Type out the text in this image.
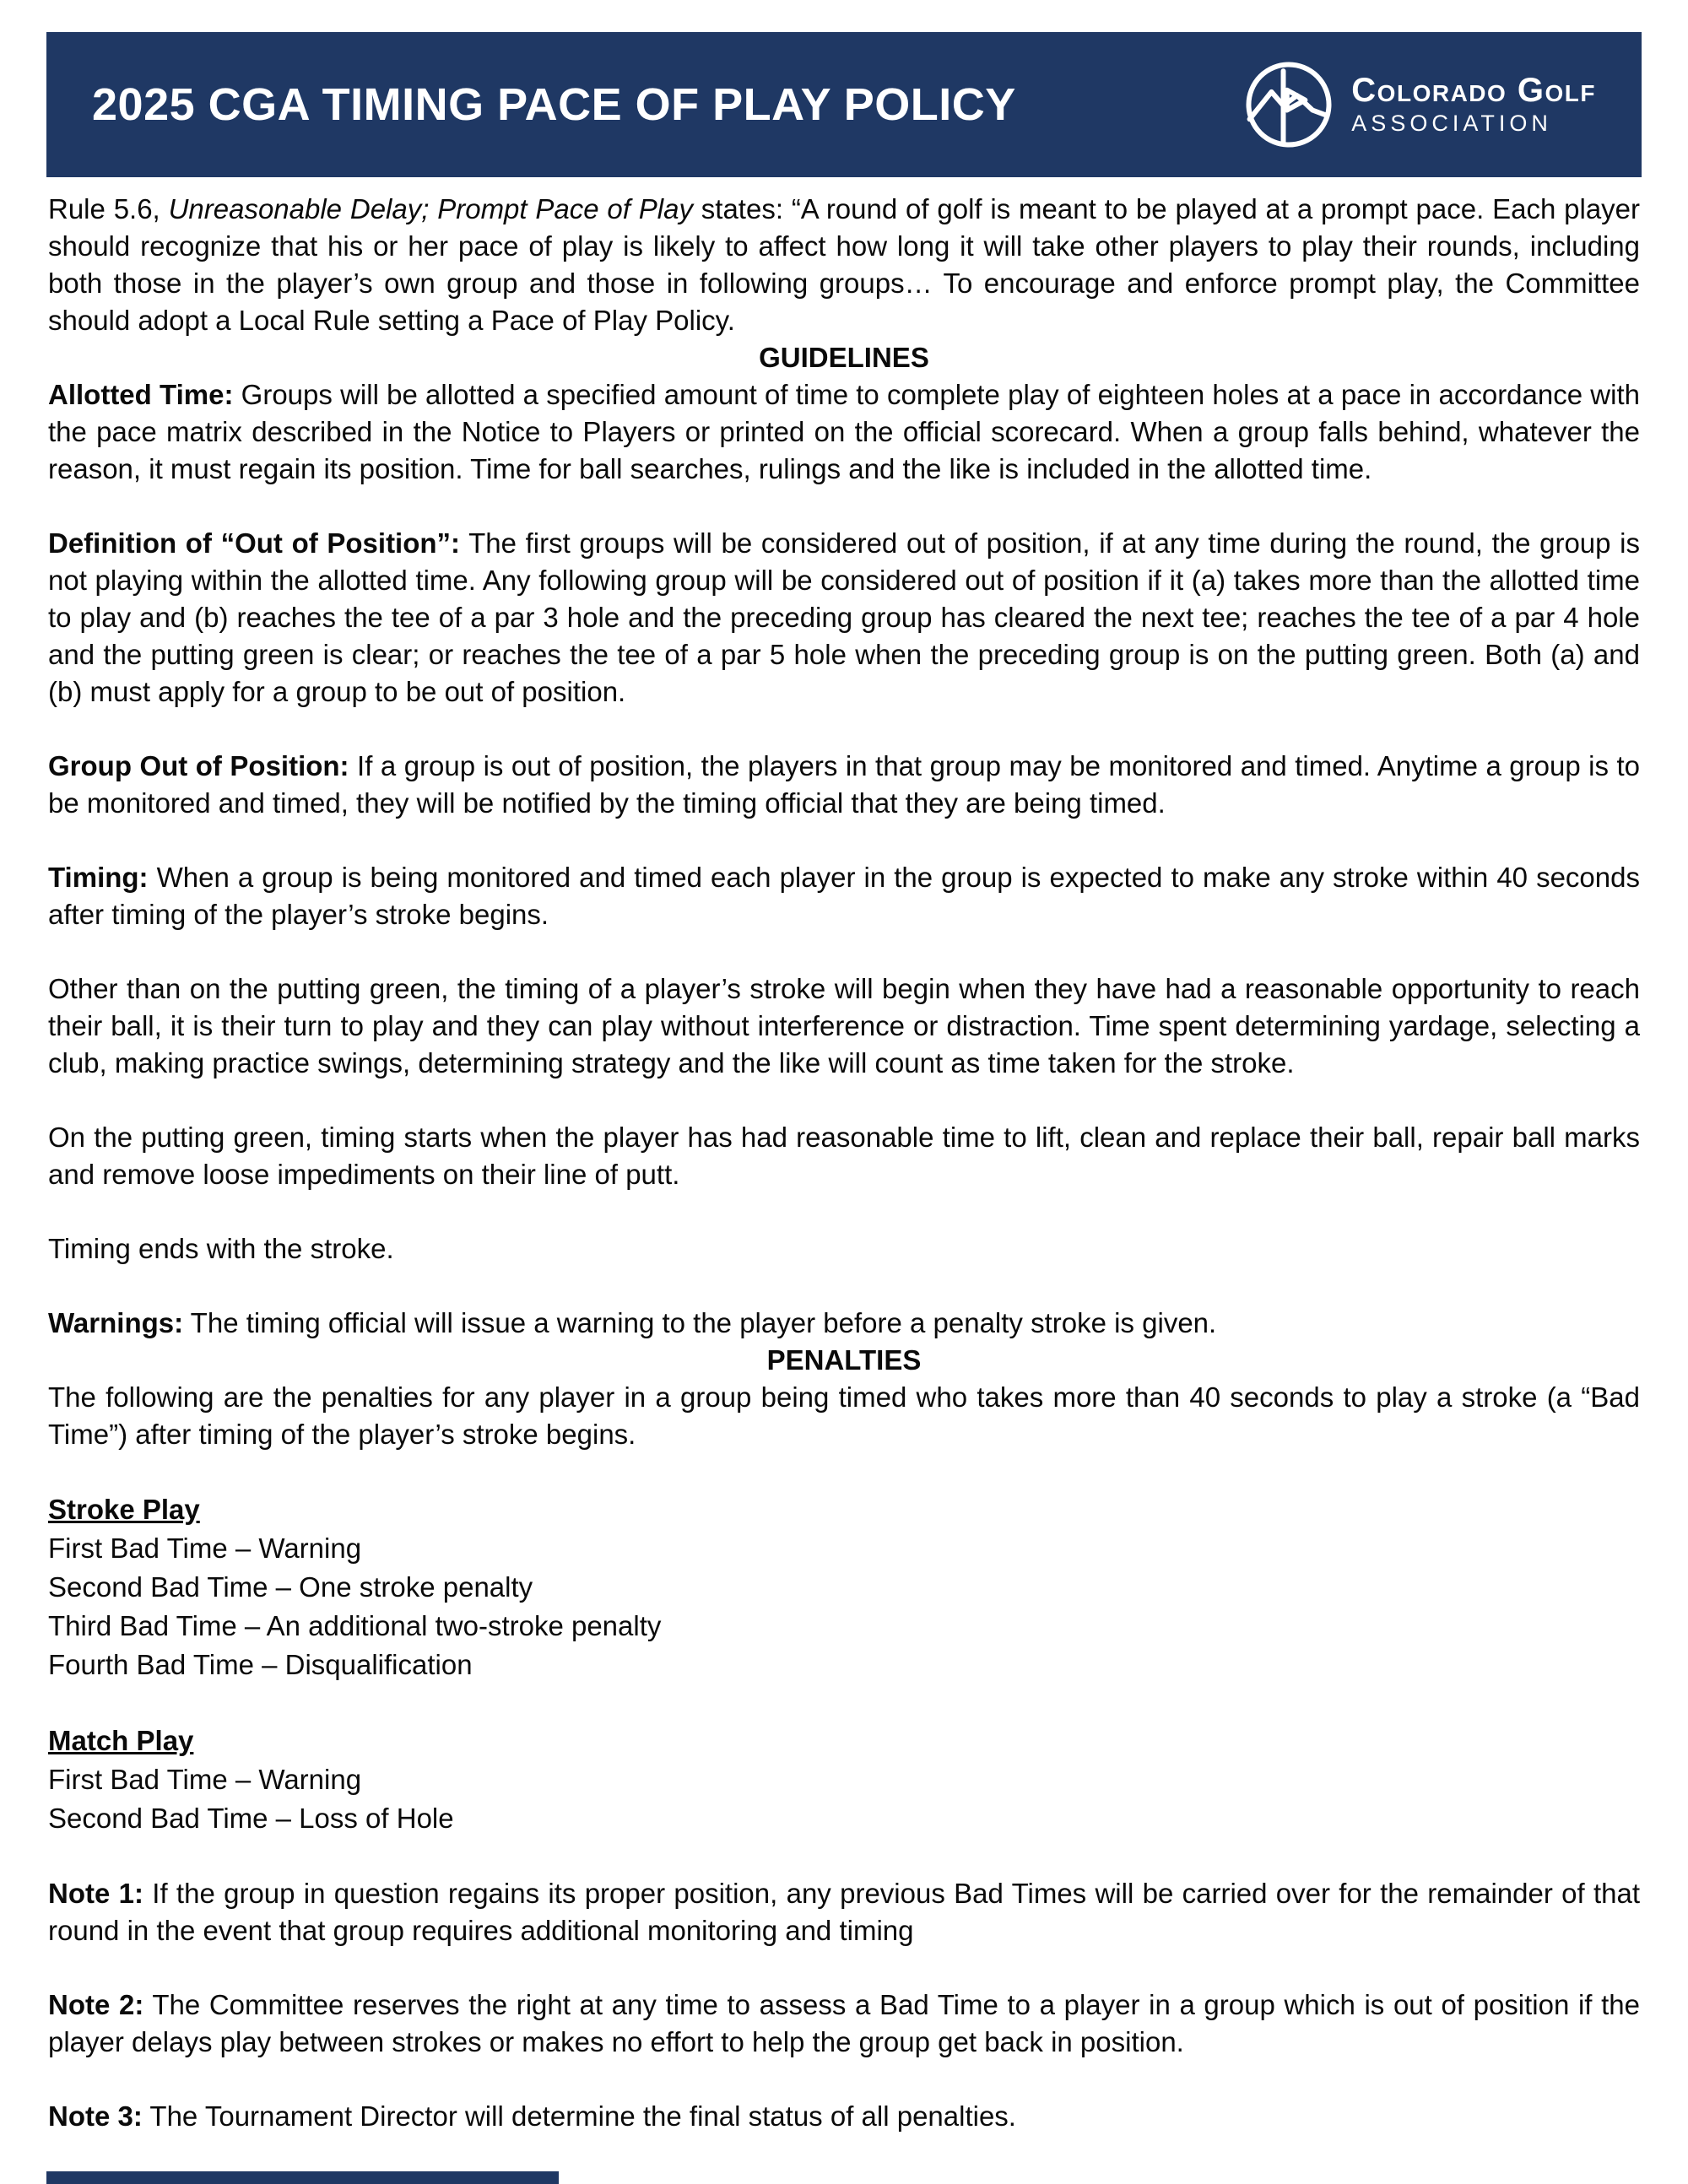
2025 CGA TIMING PACE OF PLAY POLICY	Colorado Golf
ASSOCIATION

Rule 5.6, Unreasonable Delay; Prompt Pace of Play states: “A round of golf is meant to be played at a prompt pace. Each player should recognize that his or her pace of play is likely to affect how long it will take other players to play their rounds, including both those in the player’s own group and those in following groups… To encourage and enforce prompt play, the Committee should adopt a Local Rule setting a Pace of Play Policy.

GUIDELINES

Allotted Time: Groups will be allotted a specified amount of time to complete play of eighteen holes at a pace in accordance with the pace matrix described in the Notice to Players or printed on the official scorecard. When a group falls behind, whatever the reason, it must regain its position. Time for ball searches, rulings and the like is included in the allotted time.

Definition of “Out of Position”: The first groups will be considered out of position, if at any time during the round, the group is not playing within the allotted time. Any following group will be considered out of position if it (a) takes more than the allotted time to play and (b) reaches the tee of a par 3 hole and the preceding group has cleared the next tee; reaches the tee of a par 4 hole and the putting green is clear; or reaches the tee of a par 5 hole when the preceding group is on the putting green. Both (a) and (b) must apply for a group to be out of position.

Group Out of Position: If a group is out of position, the players in that group may be monitored and timed. Anytime a group is to be monitored and timed, they will be notified by the timing official that they are being timed.

Timing: When a group is being monitored and timed each player in the group is expected to make any stroke within 40 seconds after timing of the player’s stroke begins.

Other than on the putting green, the timing of a player’s stroke will begin when they have had a reasonable opportunity to reach their ball, it is their turn to play and they can play without interference or distraction. Time spent determining yardage, selecting a club, making practice swings, determining strategy and the like will count as time taken for the stroke.

On the putting green, timing starts when the player has had reasonable time to lift, clean and replace their ball, repair ball marks and remove loose impediments on their line of putt.

Timing ends with the stroke.

Warnings: The timing official will issue a warning to the player before a penalty stroke is given.

PENALTIES

The following are the penalties for any player in a group being timed who takes more than 40 seconds to play a stroke (a “Bad Time”) after timing of the player’s stroke begins.

Stroke Play
First Bad Time – Warning
Second Bad Time – One stroke penalty
Third Bad Time – An additional two-stroke penalty
Fourth Bad Time – Disqualification
Match Play
First Bad Time – Warning
Second Bad Time – Loss of Hole

Note 1: If the group in question regains its proper position, any previous Bad Times will be carried over for the remainder of that round in the event that group requires additional monitoring and timing

Note 2: The Committee reserves the right at any time to assess a Bad Time to a player in a group which is out of position if the player delays play between strokes or makes no effort to help the group get back in position.

Note 3: The Tournament Director will determine the final status of all penalties.
